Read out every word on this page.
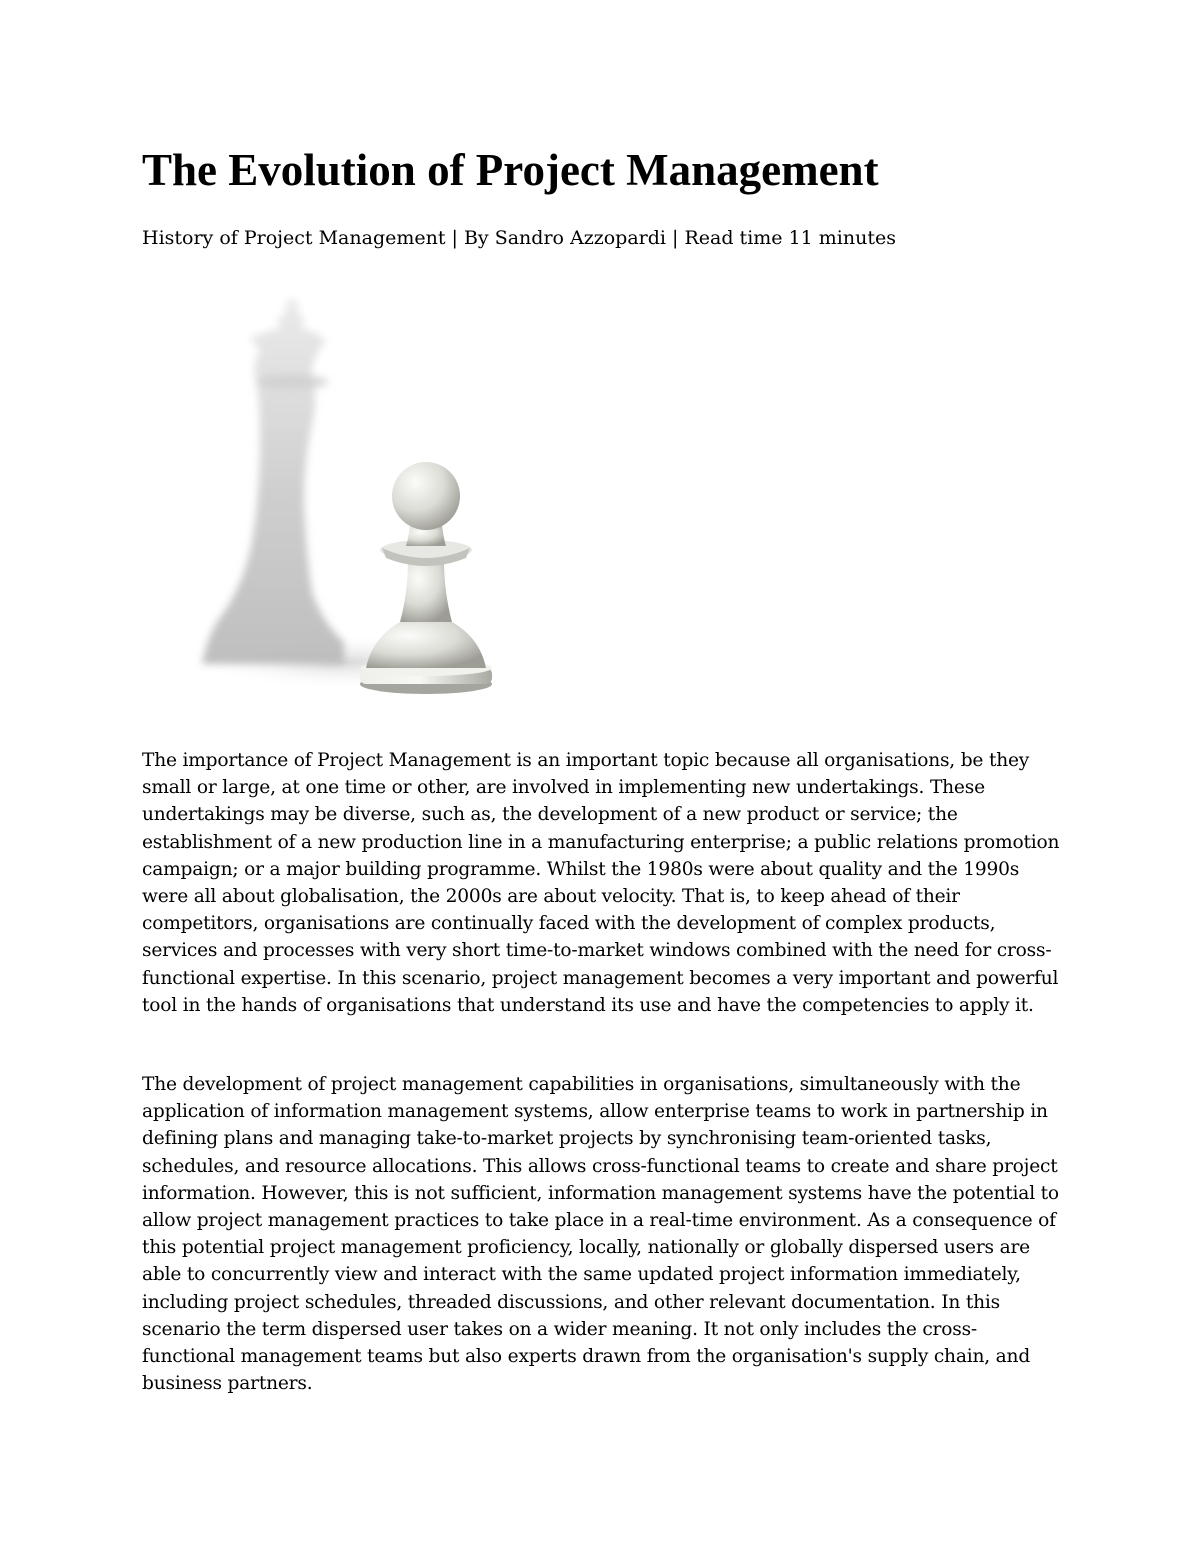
The Evolution of Project Management

History of Project Management | By Sandro Azzopardi | Read time 11 minutes

The importance of Project Management is an important topic because all organisations, be they small or large, at one time or other, are involved in implementing new undertakings. These undertakings may be diverse, such as, the development of a new product or service; the establishment of a new production line in a manufacturing enterprise; a public relations promotion campaign; or a major building programme. Whilst the 1980s were about quality and the 1990s were all about globalisation, the 2000s are about velocity. That is, to keep ahead of their competitors, organisations are continually faced with the development of complex products, services and processes with very short time-to-market windows combined with the need for cross-functional expertise. In this scenario, project management becomes a very important and powerful tool in the hands of organisations that understand its use and have the competencies to apply it.

The development of project management capabilities in organisations, simultaneously with the application of information management systems, allow enterprise teams to work in partnership in defining plans and managing take-to-market projects by synchronising team-oriented tasks, schedules, and resource allocations. This allows cross-functional teams to create and share project information. However, this is not sufficient, information management systems have the potential to allow project management practices to take place in a real-time environment. As a consequence of this potential project management proficiency, locally, nationally or globally dispersed users are able to concurrently view and interact with the same updated project information immediately, including project schedules, threaded discussions, and other relevant documentation. In this scenario the term dispersed user takes on a wider meaning. It not only includes the cross-functional management teams but also experts drawn from the organisation's supply chain, and business partners.
